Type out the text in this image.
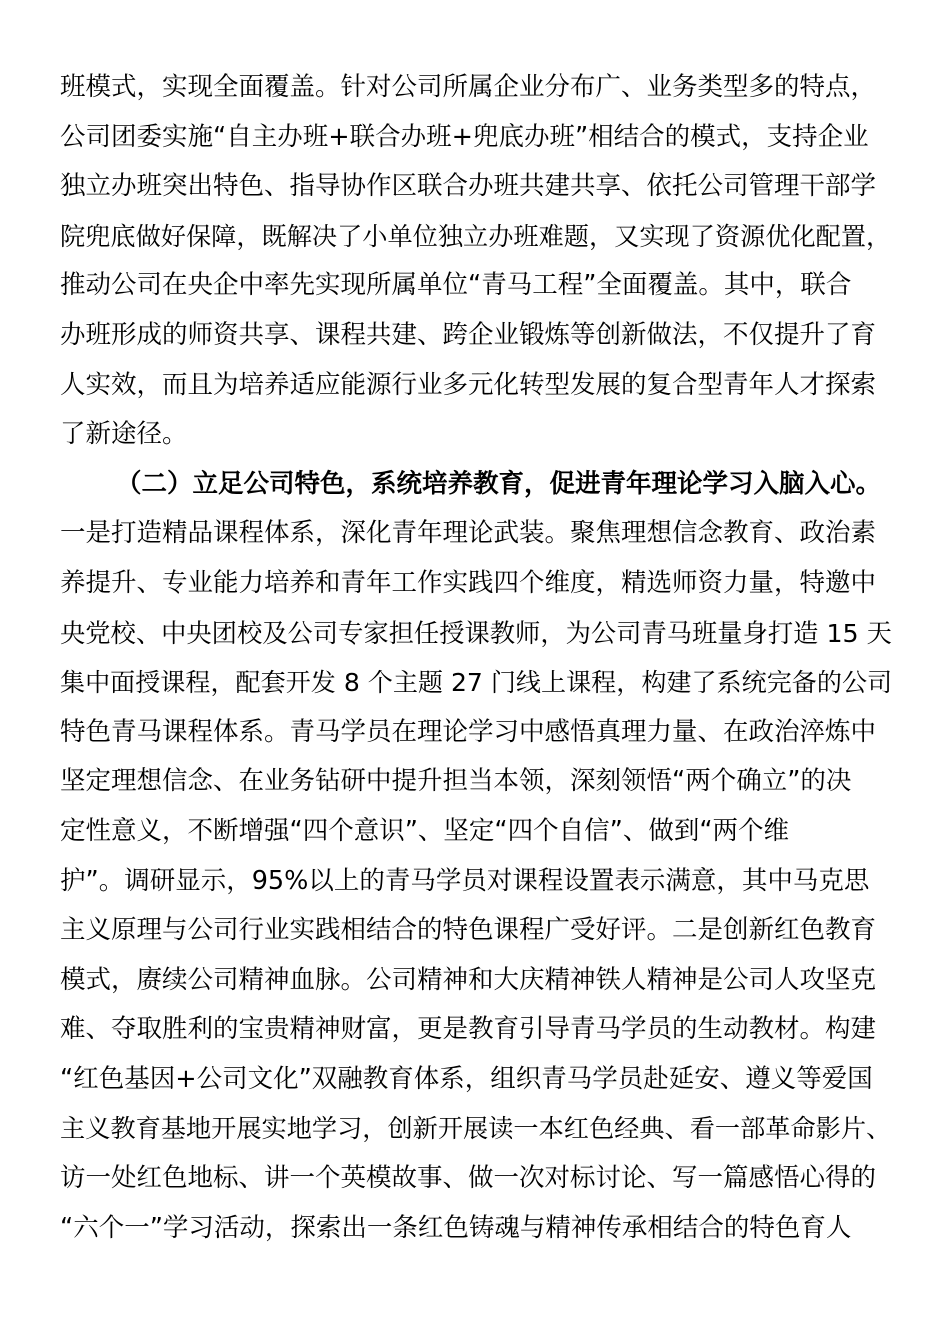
班模式，实现全面覆盖。针对公司所属企业分布广、业务类型多的特点，
公司团委实施“自主办班+联合办班+兜底办班”相结合的模式，支持企业
独立办班突出特色、指导协作区联合办班共建共享、依托公司管理干部学
院兜底做好保障，既解决了小单位独立办班难题，又实现了资源优化配置，
推动公司在央企中率先实现所属单位“青马工程”全面覆盖。其中，联合
办班形成的师资共享、课程共建、跨企业锻炼等创新做法，不仅提升了育
人实效，而且为培养适应能源行业多元化转型发展的复合型青年人才探索
了新途径。
（二）立足公司特色，系统培养教育，促进青年理论学习入脑入心。
一是打造精品课程体系，深化青年理论武装。聚焦理想信念教育、政治素
养提升、专业能力培养和青年工作实践四个维度，精选师资力量，特邀中
央党校、中央团校及公司专家担任授课教师，为公司青马班量身打造 15 天
集中面授课程，配套开发 8 个主题 27 门线上课程，构建了系统完备的公司
特色青马课程体系。青马学员在理论学习中感悟真理力量、在政治淬炼中
坚定理想信念、在业务钻研中提升担当本领，深刻领悟“两个确立”的决
定性意义，不断增强“四个意识”、坚定“四个自信”、做到“两个维
护”。调研显示，95%以上的青马学员对课程设置表示满意，其中马克思
主义原理与公司行业实践相结合的特色课程广受好评。二是创新红色教育
模式，赓续公司精神血脉。公司精神和大庆精神铁人精神是公司人攻坚克
难、夺取胜利的宝贵精神财富，更是教育引导青马学员的生动教材。构建
“红色基因+公司文化”双融教育体系，组织青马学员赴延安、遵义等爱国
主义教育基地开展实地学习，创新开展读一本红色经典、看一部革命影片、
访一处红色地标、讲一个英模故事、做一次对标讨论、写一篇感悟心得的
“六个一”学习活动，探索出一条红色铸魂与精神传承相结合的特色育人
